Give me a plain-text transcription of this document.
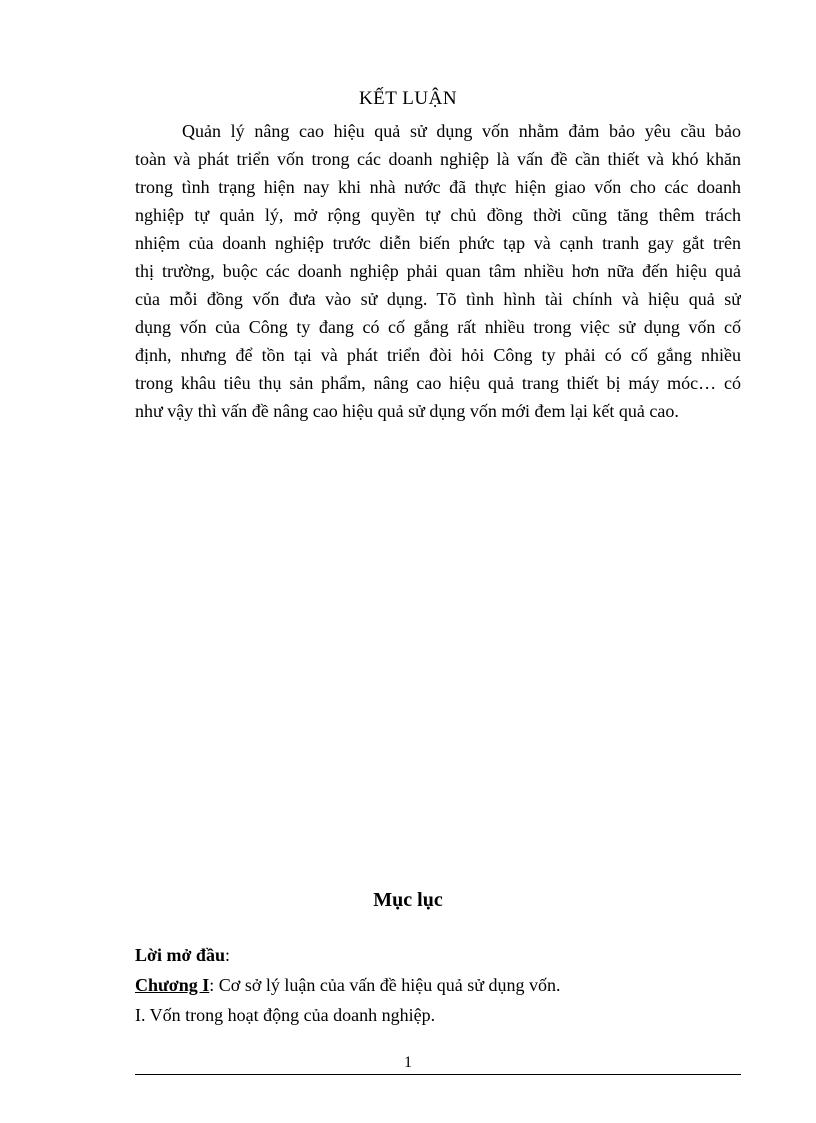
KẾT LUẬN
Quản lý nâng cao hiệu quả sử dụng vốn nhằm đảm bảo yêu cầu bảo
toàn và phát triển vốn trong các doanh nghiệp là vấn đề cần thiết và khó khăn
trong tình trạng hiện nay khi nhà nước đã thực hiện giao vốn cho các doanh
nghiệp tự quản lý, mở rộng quyền tự chủ đồng thời cũng tăng thêm trách
nhiệm của doanh nghiệp trước diễn biến phức tạp và cạnh tranh gay gắt trên
thị trường, buộc các doanh nghiệp phải quan tâm nhiều hơn nữa đến hiệu quả
của mỗi đồng vốn đưa vào sử dụng. Tõ tình hình tài chính và hiệu quả sử
dụng vốn của Công ty đang có cố gắng rất nhiều trong việc sử dụng vốn cố
định, nhưng để tồn tại và phát triển đòi hỏi Công ty phải có cố gắng nhiều
trong khâu tiêu thụ sản phẩm, nâng cao hiệu quả trang thiết bị máy móc… có
như vậy thì vấn đề nâng cao hiệu quả sử dụng vốn mới đem lại kết quả cao.
Mục lục
Lời mở đầu:
Chương I: Cơ sở lý luận của vấn đề hiệu quả sử dụng vốn.
I. Vốn trong hoạt động của doanh nghiệp.
1
